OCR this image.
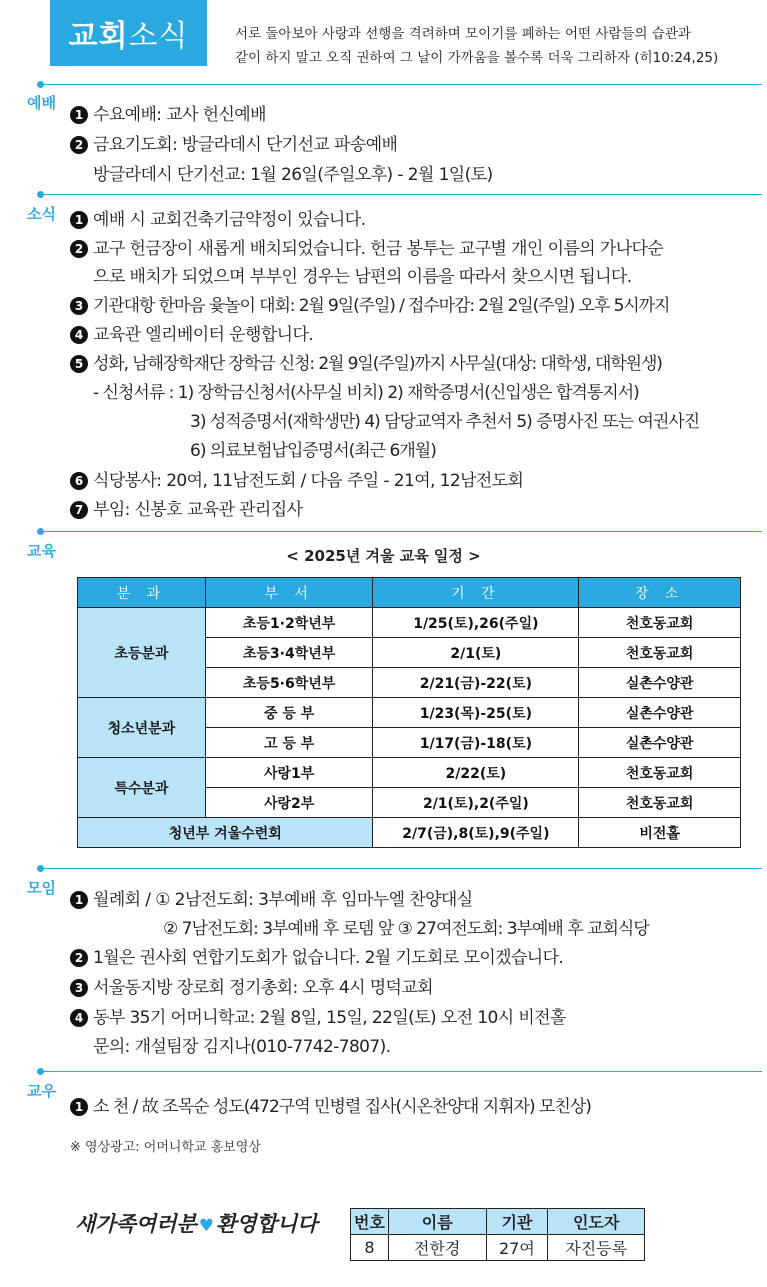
교회 소식	서로 돌아보아 사랑과 선행을 격려하며 모이기를 폐하는 어떤 사람들의 습관과
같이 하지 말고 오직 권하여 그 날이 가까움을 볼수록 더욱 그리하자 (히10:24,25)
예배
1 수요예배: 교사 헌신예배
2 금요기도회: 방글라데시 단기선교 파송예배
방글라데시 단기선교: 1월 26일(주일오후) - 2월 1일(토)
소식	1 예배 시 교회건축기금약정이 있습니다.
2 교구 헌금장이 새롭게 배치되었습니다. 헌금 봉투는 교구별 개인 이름의 가나다순
으로 배치가 되었으며 부부인 경우는 남편의 이름을 따라서 찾으시면 됩니다.
3 기관대항 한마음 윷놀이 대회: 2월 9일(주일) / 접수마감: 2월 2일(주일) 오후 5시까지
4 교육관 엘리베이터 운행합니다.
5 성화, 남해장학재단 장학금 신청: 2월 9일(주일)까지 사무실(대상: 대학생, 대학원생)
- 신청서류 : 1) 장학금신청서(사무실 비치) 2) 재학증명서(신입생은 합격통지서)
3) 성적증명서(재학생만) 4) 담당교역자 추천서 5) 증명사진 또는 여권사진
6) 의료보험납입증명서(최근 6개월)
6 식당봉사: 20여, 11남전도회 / 다음 주일 - 21여, 12남전도회
7 부임: 신봉호 교육관 관리집사
교육	< 2025년 겨울 교육 일정 >
분 과	부 서	기 간	장 소
초등분과	초등1·2학년부	1/25(토),26(주일)	천호동교회
	초등3·4학년부	2/1(토)	천호동교회
	초등5·6학년부	2/21(금)-22(토)	실촌수양관
청소년분과	중 등 부	1/23(목)-25(토)	실촌수양관
	고 등 부	1/17(금)-18(토)	실촌수양관
특수분과	사랑1부	2/22(토)	천호동교회
	사랑2부	2/1(토),2(주일)	천호동교회
청년부 겨울수련회		2/7(금),8(토),9(주일)	비전홀
모임
1 월례회 / ① 2남전도회: 3부예배 후 임마누엘 찬양대실
② 7남전도회: 3부예배 후 로뎀 앞 ③ 27여전도회: 3부예배 후 교회식당
2 1월은 권사회 연합기도회가 없습니다. 2월 기도회로 모이겠습니다.
3 서울동지방 장로회 정기총회: 오후 4시 명덕교회
4 동부 35기 어머니학교: 2월 8일, 15일, 22일(토) 오전 10시 비전홀
문의: 개설팀장 김지나(010-7742-7807).
교우
1 소 천 / 故 조목순 성도(472구역 민병렬 집사(시온찬양대 지휘자) 모친상)
※ 영상광고: 어머니학교 홍보영상
새가족여러분 ♥환영합니다 번호	이름	기관	인도자
8	전한경	27여	자진등록
